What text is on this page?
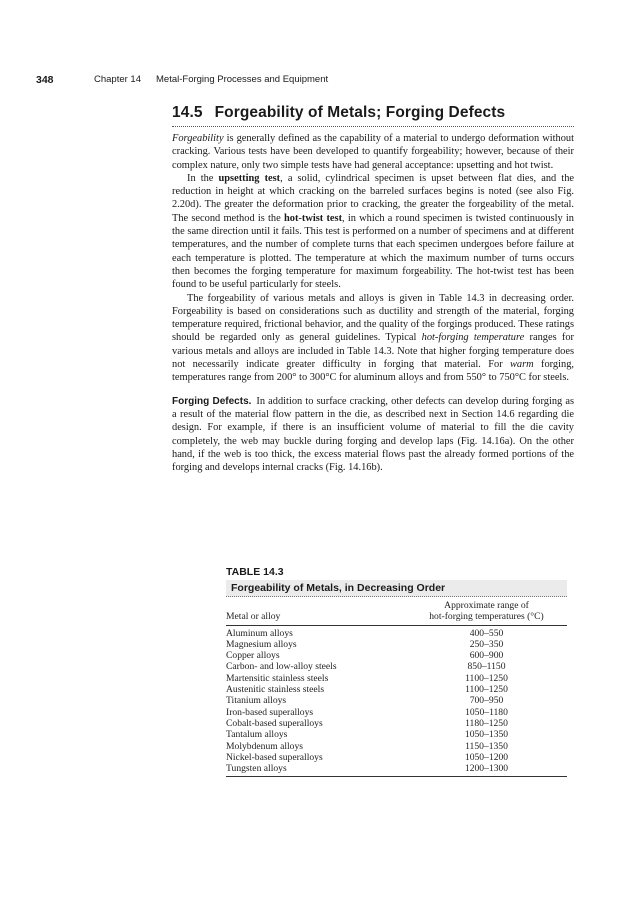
348	Chapter 14 Metal-Forging Processes and Equipment
14.5 Forgeability of Metals; Forging Defects

Forgeability is generally defined as the capability of a material to undergo deformation without cracking. Various tests have been developed to quantify forgeability; however, because of their complex nature, only two simple tests have had general acceptance: upsetting and hot twist.

In the upsetting test, a solid, cylindrical specimen is upset between flat dies, and the reduction in height at which cracking on the barreled surfaces begins is noted (see also Fig. 2.20d). The greater the deformation prior to cracking, the greater the forgeability of the metal. The second method is the hot-twist test, in which a round specimen is twisted continuously in the same direction until it fails. This test is performed on a number of specimens and at different temperatures, and the number of complete turns that each specimen undergoes before failure at each temperature is plotted. The temperature at which the maximum number of turns occurs then becomes the forging temperature for maximum forgeability. The hot-twist test has been found to be useful particularly for steels.

The forgeability of various metals and alloys is given in Table 14.3 in decreasing order. Forgeability is based on considerations such as ductility and strength of the material, forging temperature required, frictional behavior, and the quality of the forgings produced. These ratings should be regarded only as general guidelines. Typical hot-forging temperature ranges for various metals and alloys are included in Table 14.3. Note that higher forging temperature does not necessarily indicate greater difficulty in forging that material. For warm forging, temperatures range from 200° to 300°C for aluminum alloys and from 550° to 750°C for steels.

Forging Defects. In addition to surface cracking, other defects can develop during forging as a result of the material flow pattern in the die, as described next in Section 14.6 regarding die design. For example, if there is an insufficient volume of material to fill the die cavity completely, the web may buckle during forging and develop laps (Fig. 14.16a). On the other hand, if the web is too thick, the excess material flows past the already formed portions of the forging and develops internal cracks (Fig. 14.16b).

TABLE 14.3
Forgeability of Metals, in Decreasing Order
Metal or alloy
Approximate range of
hot-forging temperatures (°C)
Aluminum alloys	400–550
Magnesium alloys	250–350
Copper alloys	600–900
Carbon- and low-alloy steels	850–1150
Martensitic stainless steels	1100–1250
Austenitic stainless steels	1100–1250
Titanium alloys	700–950
Iron-based superalloys	1050–1180
Cobalt-based superalloys	1180–1250
Tantalum alloys	1050–1350
Molybdenum alloys	1150–1350
Nickel-based superalloys	1050–1200
Tungsten alloys	1200–1300
